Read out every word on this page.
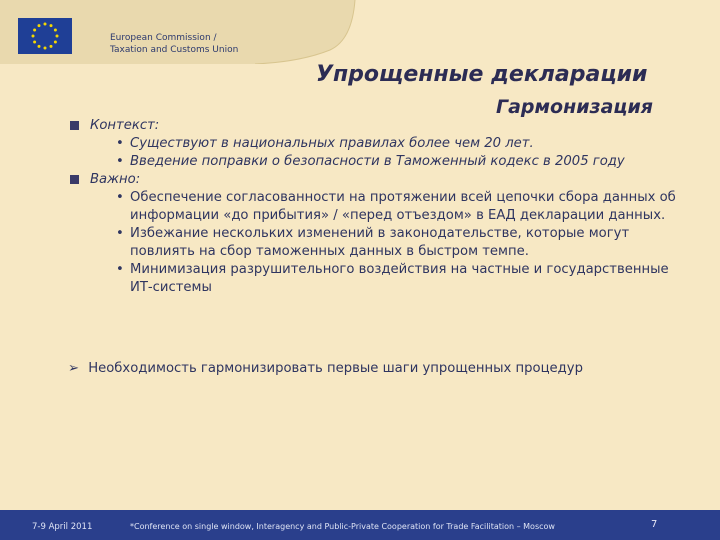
European Commission /
Taxation and Customs Union
Упрощенные декларации
Гармонизация
Контекст:
• Существуют в национальных правилах более чем 20 лет.
• Введение поправки о безопасности в Таможенный кодекс в 2005 году
Важно:
• Обеспечение согласованности на протяжении всей цепочки сбора данных об информации «до прибытия» / «перед отъездом» в ЕАД декларации данных.
• Избежание нескольких изменений в законодательстве, которые могут повлиять на сбор таможенных данных в быстром темпе.
• Минимизация разрушительного воздействия на частные и государственные ИТ-системы
➢ Необходимость гармонизировать первые шаги упрощенных процедур
7-9 April 2011	*Conference on single window, Interagency and Public-Private Cooperation for Trade Facilitation – Moscow	7
